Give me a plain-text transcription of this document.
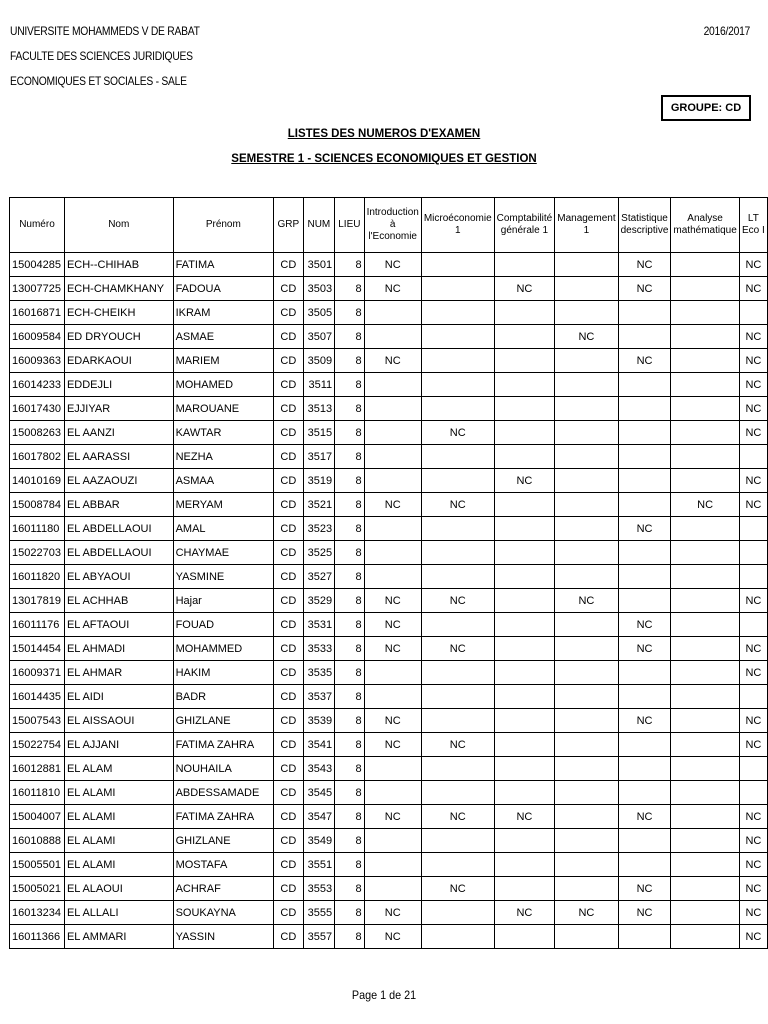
UNIVERSITE MOHAMMEDS V DE RABAT
FACULTE DES SCIENCES JURIDIQUES
ECONOMIQUES ET SOCIALES - SALE
2016/2017
GROUPE: CD
LISTES DES NUMEROS D'EXAMEN
SEMESTRE 1 - SCIENCES ECONOMIQUES ET GESTION
Numéro	Nom	Prénom	GRP	NUM	LIEU	Introduction à l'Economie	Microéconomie 1	Comptabilité générale 1	Management 1	Statistique descriptive	Analyse mathématique	LT Eco I
15004285	ECH--CHIHAB	FATIMA	CD	3501	8	NC				NC		NC
13007725	ECH-CHAMKHANY	FADOUA	CD	3503	8	NC		NC		NC		NC
16016871	ECH-CHEIKH	IKRAM	CD	3505	8							
16009584	ED DRYOUCH	ASMAE	CD	3507	8				NC			NC
16009363	EDARKAOUI	MARIEM	CD	3509	8	NC				NC		NC
16014233	EDDEJLI	MOHAMED	CD	3511	8							NC
16017430	EJJIYAR	MAROUANE	CD	3513	8							NC
15008263	EL AANZI	KAWTAR	CD	3515	8		NC					NC
16017802	EL AARASSI	NEZHA	CD	3517	8							
14010169	EL AAZAOUZI	ASMAA	CD	3519	8			NC				NC
15008784	EL ABBAR	MERYAM	CD	3521	8	NC	NC				NC	NC
16011180	EL ABDELLAOUI	AMAL	CD	3523	8					NC		
15022703	EL ABDELLAOUI	CHAYMAE	CD	3525	8							
16011820	EL ABYAOUI	YASMINE	CD	3527	8							
13017819	EL ACHHAB	Hajar	CD	3529	8	NC	NC		NC			NC
16011176	EL AFTAOUI	FOUAD	CD	3531	8	NC				NC		
15014454	EL AHMADI	MOHAMMED	CD	3533	8	NC	NC			NC		NC
16009371	EL AHMAR	HAKIM	CD	3535	8							NC
16014435	EL AIDI	BADR	CD	3537	8							
15007543	EL AISSAOUI	GHIZLANE	CD	3539	8	NC				NC		NC
15022754	EL AJJANI	FATIMA ZAHRA	CD	3541	8	NC	NC					NC
16012881	EL ALAM	NOUHAILA	CD	3543	8							
16011810	EL ALAMI	ABDESSAMADE	CD	3545	8							
15004007	EL ALAMI	FATIMA ZAHRA	CD	3547	8	NC	NC	NC		NC		NC
16010888	EL ALAMI	GHIZLANE	CD	3549	8							NC
15005501	EL ALAMI	MOSTAFA	CD	3551	8							NC
15005021	EL ALAOUI	ACHRAF	CD	3553	8		NC			NC		NC
16013234	EL ALLALI	SOUKAYNA	CD	3555	8	NC		NC	NC	NC		NC
16011366	EL AMMARI	YASSIN	CD	3557	8	NC						NC
Page 1 de 21
